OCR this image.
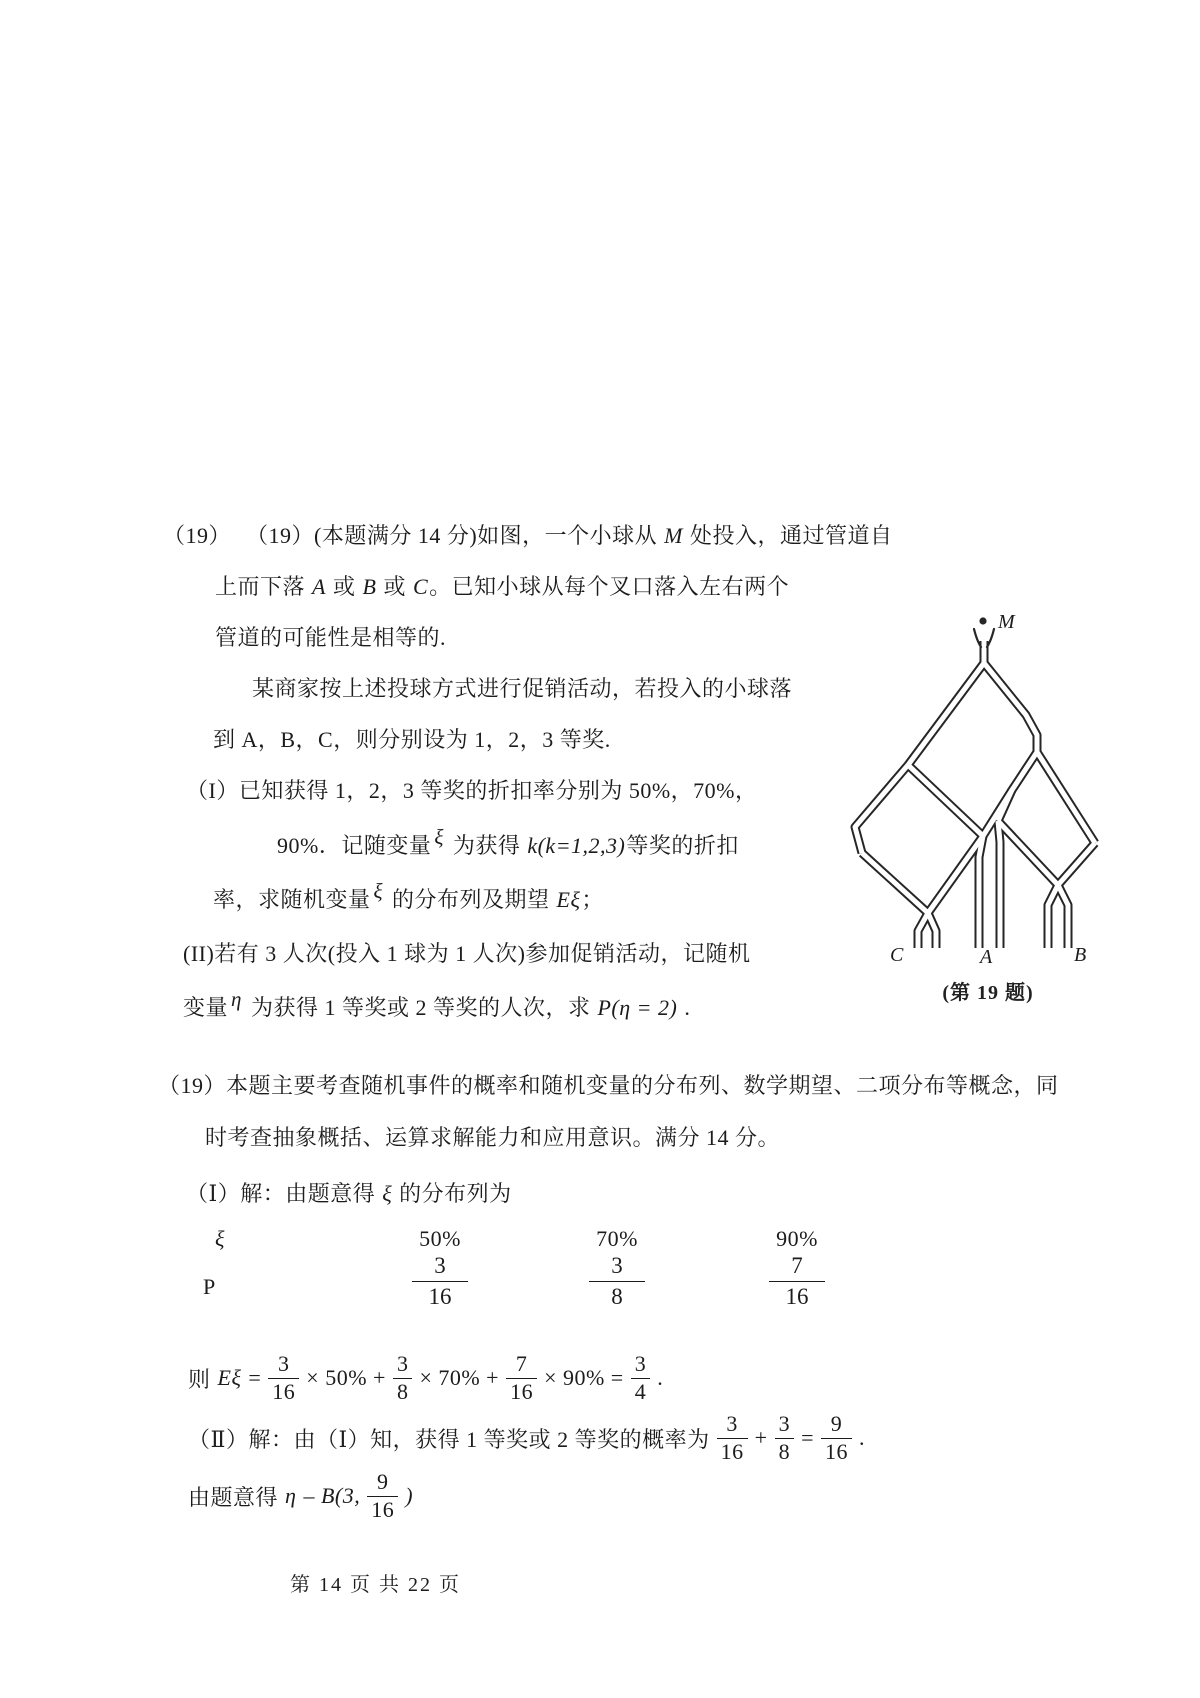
（19） （19）(本题满分 14 分)如图，一个小球从 M 处投入，通过管道自
上而下落 A 或 B 或 C。已知小球从每个叉口落入左右两个
管道的可能性是相等的.
某商家按上述投球方式进行促销活动，若投入的小球落
到 A，B，C，则分别设为 1，2，3 等奖.
（I）已知获得 1，2，3 等奖的折扣率分别为 50%，70%，
90%．记随变量 ξ 为获得 k(k=1,2,3)等奖的折扣
率，求随机变量 ξ 的分布列及期望 Eξ；
(II)若有 3 人次(投入 1 球为 1 人次)参加促销活动，记随机
变量 η 为获得 1 等奖或 2 等奖的人次，求 P(η = 2) .
M
C	A	B
(第 19 题)
（19）本题主要考查随机事件的概率和随机变量的分布列、数学期望、二项分布等概念，同
时考查抽象概括、运算求解能力和应用意识。满分 14 分。
（Ⅰ）解：由题意得 ξ 的分布列为
ξ	50%	70%	90%
P	$\frac{3}{16}$	$\frac{3}{8}$	$\frac{7}{16}$
则 $E\xi = \frac{3}{16} \times 50\% + \frac{3}{8} \times 70\% + \frac{7}{16} \times 90\% = \frac{3}{4}$ .
（Ⅱ）解：由（Ⅰ）知，获得 1 等奖或 2 等奖的概率为 $\frac{3}{16} + \frac{3}{8} = \frac{9}{16}$ .
由题意得 η – B(3, $\frac{9}{16}$ )
第 14 页 共 22 页
